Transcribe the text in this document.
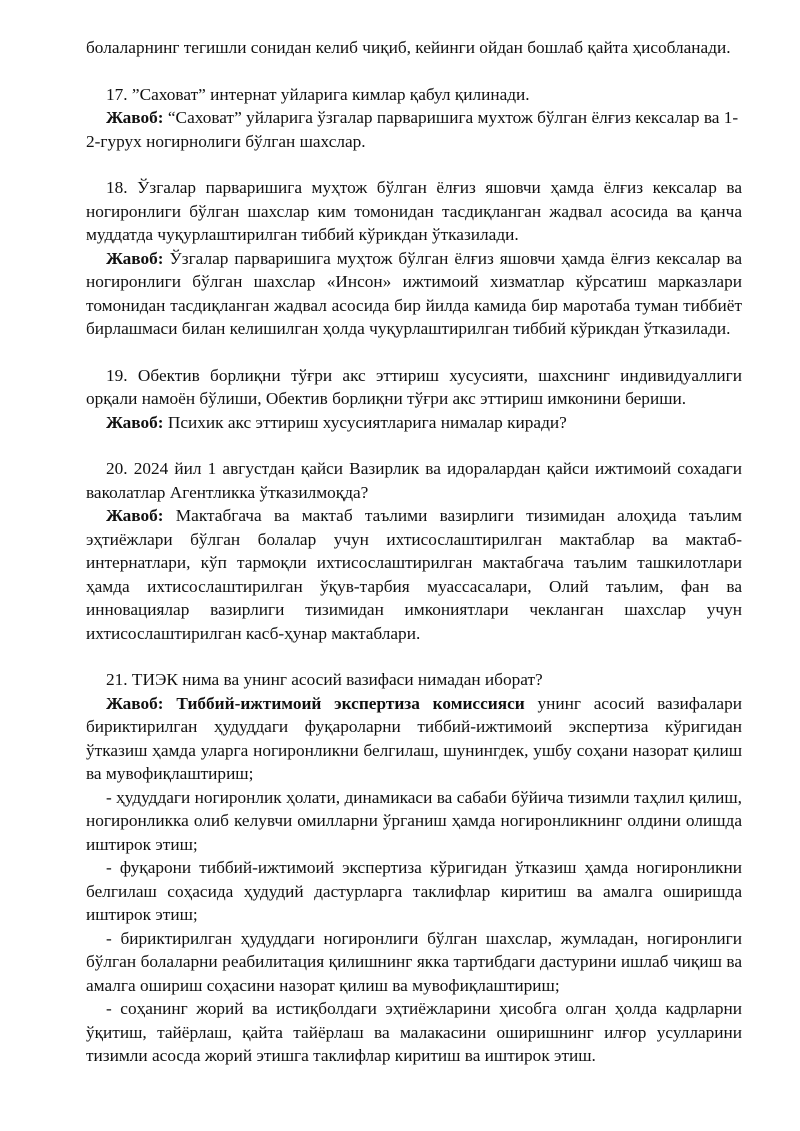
болаларнинг тегишли сонидан келиб чиқиб, кейинги ойдан бошлаб қайта ҳисобланади.

17. ”Саховат” интернат уйларига кимлар қабул қилинади.

Жавоб: “Саховат” уйларига ўзгалар парваришига мухтож бўлган ёлғиз кексалар ва 1-2-гурух ногирнолиги бўлган шахслар.

18. Ўзгалар парваришига муҳтож бўлган ёлғиз яшовчи ҳамда ёлғиз кексалар ва ногиронлиги бўлган шахслар ким томонидан тасдиқланган жадвал асосида ва қанча муддатда чуқурлаштирилган тиббий кўрикдан ўтказилади.

Жавоб: Ўзгалар парваришига муҳтож бўлган ёлғиз яшовчи ҳамда ёлғиз кексалар ва ногиронлиги бўлган шахслар «Инсон» ижтимоий хизматлар кўрсатиш марказлари томонидан тасдиқланган жадвал асосида бир йилда камида бир маротаба туман тиббиёт бирлашмаси билан келишилган ҳолда чуқурлаштирилган тиббий кўрикдан ўтказилади.

19. Обектив борлиқни тўғри акс эттириш хусусияти, шахснинг индивидуаллиги орқали намоён бўлиши, Обектив борлиқни тўғри акс эттириш имконини бериши.

Жавоб: Психик акс эттириш хусусиятларига нималар киради?

20. 2024 йил 1 августдан қайси Вазирлик ва идоралардан қайси ижтимоий сохадаги ваколатлар Агентликка ўтказилмоқда?

Жавоб: Мактабгача ва мактаб таълими вазирлиги тизимидан алоҳида таълим эҳтиёжлари бўлган болалар учун ихтисослаштирилган мактаблар ва мактаб-интернатлари, кўп тармоқли ихтисослаштирилган мактабгача таълим ташкилотлари ҳамда ихтисослаштирилган ўқув-тарбия муассасалари, Олий таълим, фан ва инновациялар вазирлиги тизимидан имкониятлари чекланган шахслар учун ихтисослаштирилган касб-ҳунар мактаблари.

21. ТИЭК нима ва унинг асосий вазифаси нимадан иборат?

Жавоб: Тиббий-ижтимоий экспертиза комиссияси унинг асосий вазифалари бириктирилган ҳудуддаги фуқароларни тиббий-ижтимоий экспертиза кўригидан ўтказиш ҳамда уларга ногиронликни белгилаш, шунингдек, ушбу соҳани назорат қилиш ва мувофиқлаштириш;

- ҳудуддаги ногиронлик ҳолати, динамикаси ва сабаби бўйича тизимли таҳлил қилиш, ногиронликка олиб келувчи омилларни ўрганиш ҳамда ногиронликнинг олдини олишда иштирок этиш;

- фуқарони тиббий-ижтимоий экспертиза кўригидан ўтказиш ҳамда ногиронликни белгилаш соҳасида ҳудудий дастурларга таклифлар киритиш ва амалга оширишда иштирок этиш;

- бириктирилган ҳудуддаги ногиронлиги бўлган шахслар, жумладан, ногиронлиги бўлган болаларни реабилитация қилишнинг якка тартибдаги дастурини ишлаб чиқиш ва амалга ошириш соҳасини назорат қилиш ва мувофиқлаштириш;

- соҳанинг жорий ва истиқболдаги эҳтиёжларини ҳисобга олган ҳолда кадрларни ўқитиш, тайёрлаш, қайта тайёрлаш ва малакасини оширишнинг илғор усулларини тизимли асосда жорий этишга таклифлар киритиш ва иштирок этиш.
